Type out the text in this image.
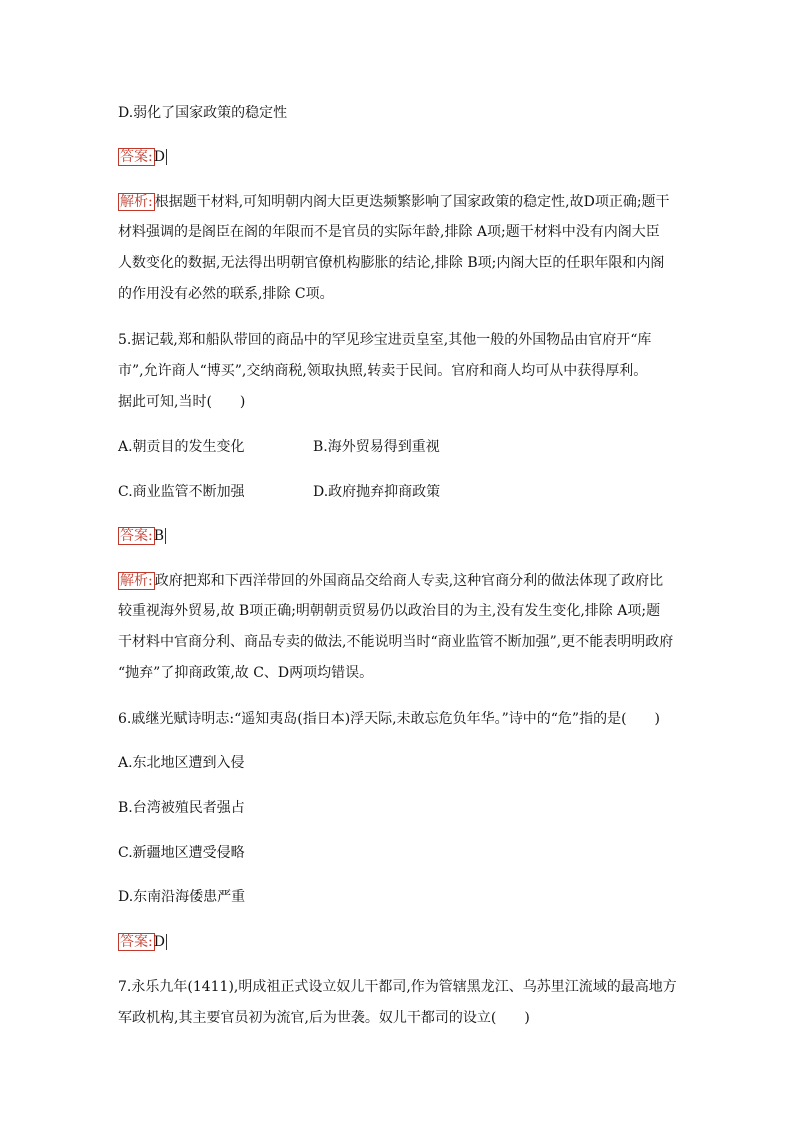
D.弱化了国家政策的稳定性
答案:D
解析: 根据题干材料,可知明朝内阁大臣更迭频繁影响了国家政策的稳定性,故D项正确;题干
材料强调的是阁臣在阁的年限而不是官员的实际年龄,排除 A项;题干材料中没有内阁大臣
人数变化的数据,无法得出明朝官僚机构膨胀的结论,排除 B项;内阁大臣的任职年限和内阁
的作用没有必然的联系,排除 C项。
5.据记载,郑和船队带回的商品中的罕见珍宝进贡皇室,其他一般的外国物品由官府开“库
市”,允许商人“博买”,交纳商税,领取执照,转卖于民间。官府和商人均可从中获得厚利。
据此可知,当时(　　)
A.朝贡目的发生变化	B.海外贸易得到重视
C.商业监管不断加强	D.政府抛弃抑商政策
答案:B
解析: 政府把郑和下西洋带回的外国商品交给商人专卖,这种官商分利的做法体现了政府比
较重视海外贸易,故 B项正确;明朝朝贡贸易仍以政治目的为主,没有发生变化,排除 A项;题
干材料中官商分利、商品专卖的做法,不能说明当时“商业监管不断加强”,更不能表明明政府
“抛弃”了抑商政策,故 C、D两项均错误。
6.戚继光赋诗明志:“遥知夷岛(指日本)浮天际,未敢忘危负年华。”诗中的“危”指的是(　　)
A.东北地区遭到入侵
B.台湾被殖民者强占
C.新疆地区遭受侵略
D.东南沿海倭患严重
答案:D
7.永乐九年(1411),明成祖正式设立奴儿干都司,作为管辖黑龙江、乌苏里江流域的最高地方
军政机构,其主要官员初为流官,后为世袭。奴儿干都司的设立(　　)
